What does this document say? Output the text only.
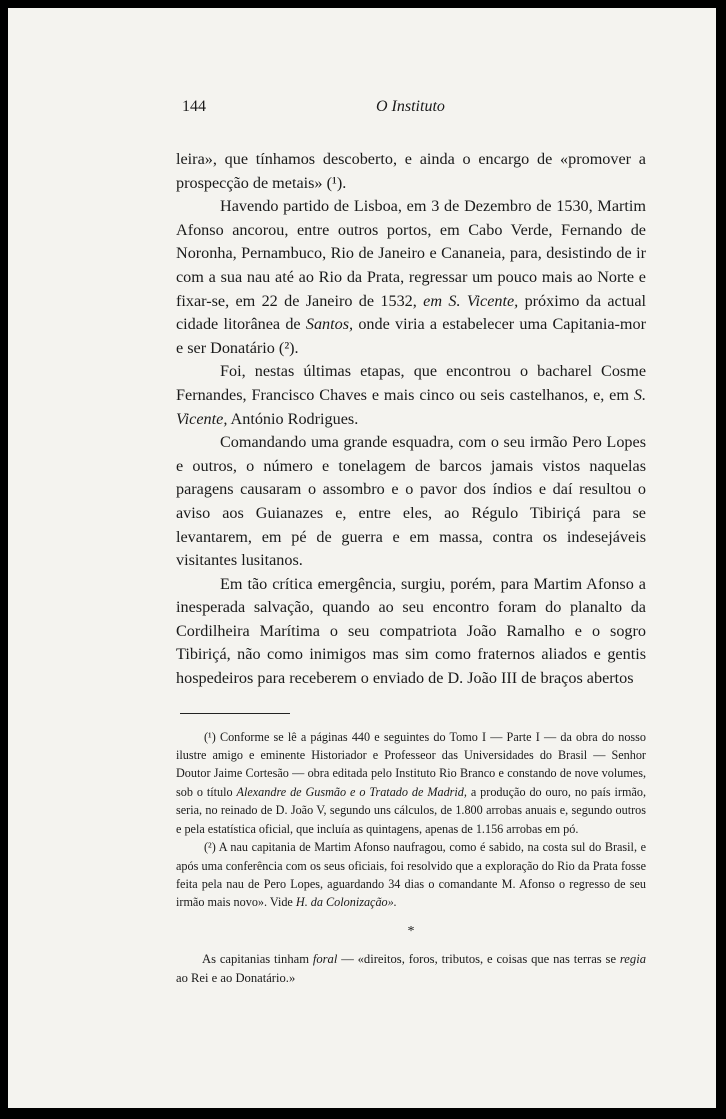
144	O Instituto

leira», que tínhamos descoberto, e ainda o encargo de «promover a prospecção de metais» (¹).

Havendo partido de Lisboa, em 3 de Dezembro de 1530, Martim Afonso ancorou, entre outros portos, em Cabo Verde, Fernando de Noronha, Pernambuco, Rio de Janeiro e Cananeia, para, desistindo de ir com a sua nau até ao Rio da Prata, regressar um pouco mais ao Norte e fixar-se, em 22 de Janeiro de 1532, em S. Vicente, próximo da actual cidade litorânea de Santos, onde viria a estabelecer uma Capitania-mor e ser Donatário (²).

Foi, nestas últimas etapas, que encontrou o bacharel Cosme Fernandes, Francisco Chaves e mais cinco ou seis castelhanos, e, em S. Vicente, António Rodrigues.

Comandando uma grande esquadra, com o seu irmão Pero Lopes e outros, o número e tonelagem de barcos jamais vistos naquelas paragens causaram o assombro e o pavor dos índios e daí resultou o aviso aos Guianazes e, entre eles, ao Régulo Tibiriçá para se levantarem, em pé de guerra e em massa, contra os indesejáveis visitantes lusitanos.

Em tão crítica emergência, surgiu, porém, para Martim Afonso a inesperada salvação, quando ao seu encontro foram do planalto da Cordilheira Marítima o seu compatriota João Ramalho e o sogro Tibiriçá, não como inimigos mas sim como fraternos aliados e gentis hospedeiros para receberem o enviado de D. João III de braços abertos

(¹) Conforme se lê a páginas 440 e seguintes do Tomo I — Parte I — da obra do nosso ilustre amigo e eminente Historiador e Professeor das Universidades do Brasil — Senhor Doutor Jaime Cortesão — obra editada pelo Instituto Rio Branco e constando de nove volumes, sob o título Alexandre de Gusmão e o Tratado de Madrid, a produção do ouro, no país irmão, seria, no reinado de D. João V, segundo uns cálculos, de 1.800 arrobas anuais e, segundo outros e pela estatística oficial, que incluía as quintagens, apenas de 1.156 arrobas em pó.

(²) A nau capitania de Martim Afonso naufragou, como é sabido, na costa sul do Brasil, e após uma conferência com os seus oficiais, foi resolvido que a exploração do Rio da Prata fosse feita pela nau de Pero Lopes, aguardando 34 dias o comandante M. Afonso o regresso de seu irmão mais novo». Vide H. da Colonização».

*

As capitanias tinham foral — «direitos, foros, tributos, e coisas que nas terras se regia ao Rei e ao Donatário.»
